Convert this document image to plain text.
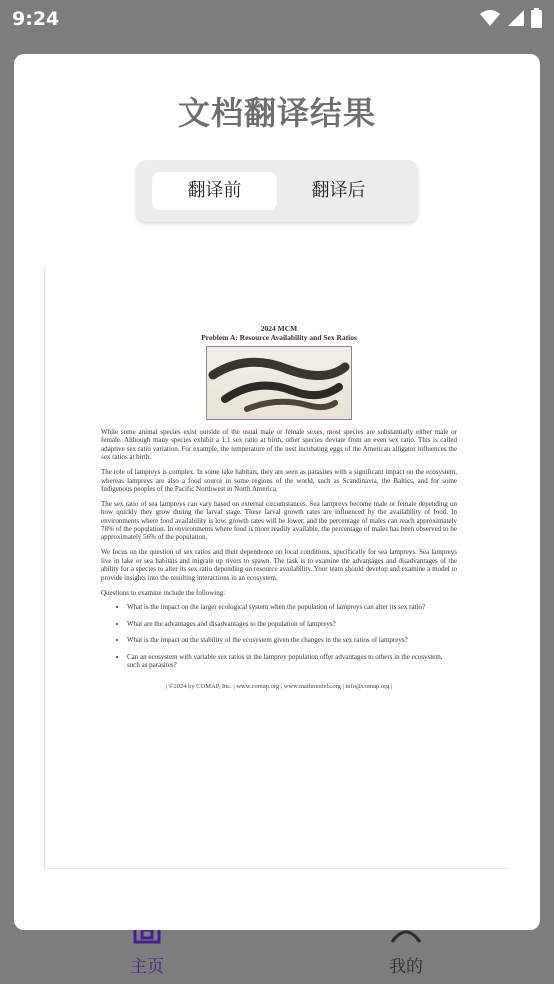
9:24
主页	我的
文档翻译结果
翻译前	翻译后
2024 MCM
Problem A: Resource Availability and Sex Ratios

While some animal species exist outside of the usual male or female sexes, most species are substantially either male or female. Although many species exhibit a 1:1 sex ratio at birth, other species deviate from an even sex ratio. This is called adaptive sex ratio variation. For example, the temperature of the nest incubating eggs of the American alligator influences the sex ratios at birth.

The role of lampreys is complex. In some lake habitats, they are seen as parasites with a significant impact on the ecosystem, whereas lampreys are also a food source in some regions of the world, such as Scandinavia, the Baltics, and for some Indigenous peoples of the Pacific Northwest in North America.

The sex ratio of sea lampreys can vary based on external circumstances. Sea lampreys become male or female depending on how quickly they grow during the larval stage. These larval growth rates are influenced by the availability of food. In environments where food availability is low, growth rates will be lower, and the percentage of males can reach approximately 78% of the population. In environments where food is more readily available, the percentage of males has been observed to be approximately 56% of the population.

We focus on the question of sex ratios and their dependence on local conditions, specifically for sea lampreys. Sea lampreys live in lake or sea habitats and migrate up rivers to spawn. The task is to examine the advantages and disadvantages of the ability for a species to alter its sex ratio depending on resource availability. Your team should develop and examine a model to provide insights into the resulting interactions in an ecosystem.

Questions to examine include the following:

• What is the impact on the larger ecological system when the population of lampreys can alter its sex ratio?
• What are the advantages and disadvantages to the population of lampreys?
• What is the impact on the stability of the ecosystem given the changes in the sex ratios of lampreys?
• Can an ecosystem with variable sex ratios in the lamprey population offer advantages to others in the ecosystem, such as parasites?
| ©2024 by COMAP, Inc. | www.comap.org | www.mathmodels.org | info@comap.org |
